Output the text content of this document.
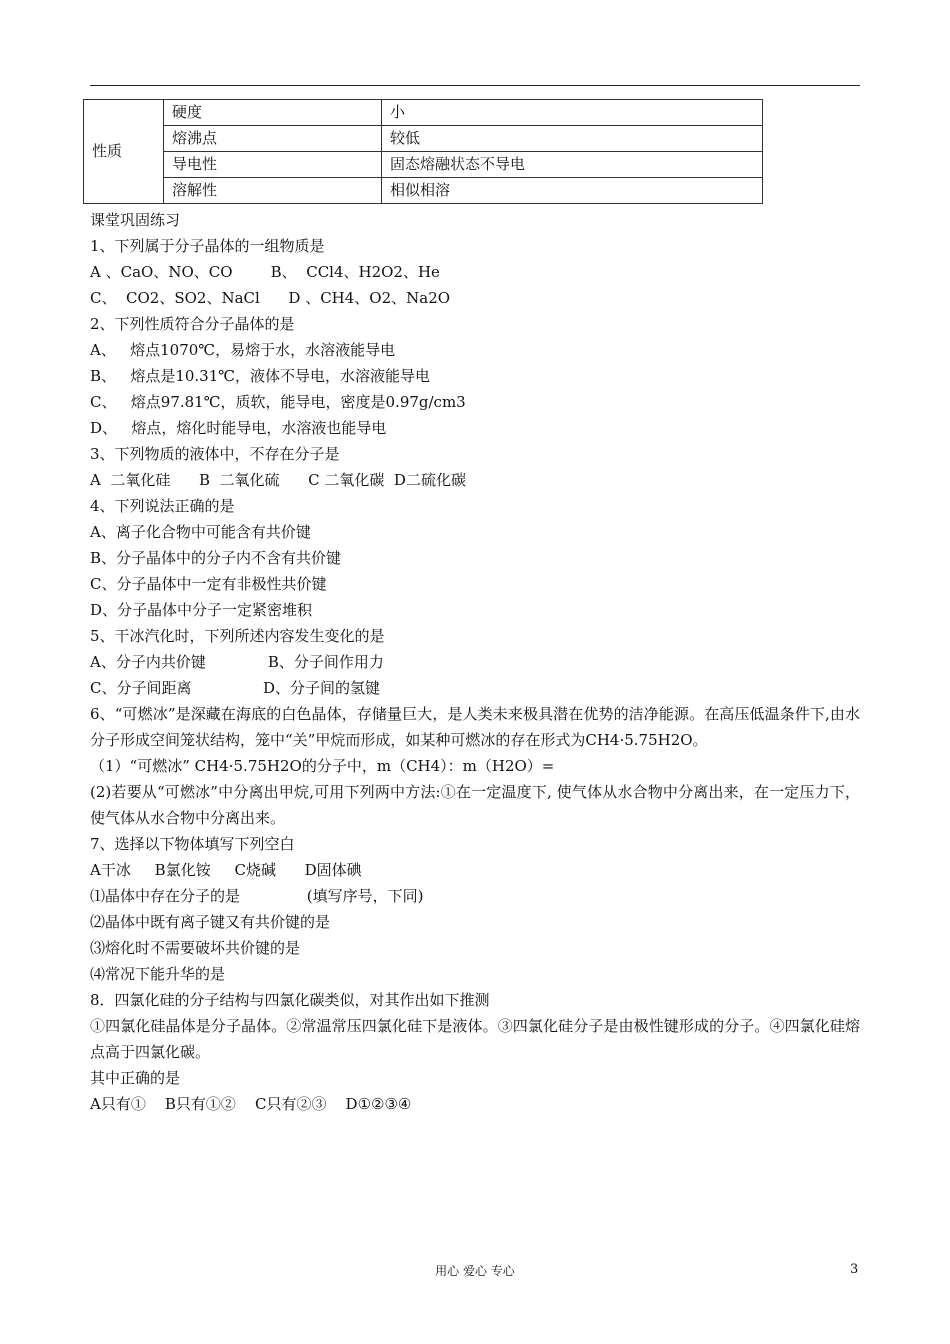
性质	硬度	小
	熔沸点	较低
	导电性	固态熔融状态不导电
	溶解性	相似相溶
课堂巩固练习
1、下列属于分子晶体的一组物质是
A 、CaO、NO、CO        B、  CCl4、H2O2、He
C、  CO2、SO2、NaCl      D 、CH4、O2、Na2O
2、下列性质符合分子晶体的是
A、   熔点1070℃，易熔于水，水溶液能导电
B、   熔点是10.31℃，液体不导电，水溶液能导电
C、   熔点97.81℃，质软，能导电，密度是0.97g/cm3
D、   熔点，熔化时能导电，水溶液也能导电
3、下列物质的液体中，不存在分子是
A  二氧化硅      B  二氧化硫      C 二氧化碳  D二硫化碳
4、下列说法正确的是
A、离子化合物中可能含有共价键
B、分子晶体中的分子内不含有共价键
C、分子晶体中一定有非极性共价键
D、分子晶体中分子一定紧密堆积
5、干冰汽化时，下列所述内容发生变化的是
A、分子内共价键             B、分子间作用力
C、分子间距离               D、分子间的氢键
6、“可燃冰”是深藏在海底的白色晶体，存储量巨大，是人类未来极具潜在优势的洁净能源。在高压低温条件下,由水分子形成空间笼状结构，笼中“关”甲烷而形成，如某种可燃冰的存在形式为CH4·5.75H2O。
（1）“可燃冰” CH4·5.75H2O的分子中，m（CH4）：m（H2O）=
(2)若要从“可燃冰”中分离出甲烷,可用下列两中方法:①在一定温度下, 使气体从水合物中分离出来，在一定压力下， 使气体从水合物中分离出来。
7、选择以下物体填写下列空白
A干冰     B氯化铵     C烧碱      D固体碘
⑴晶体中存在分子的是              (填写序号，下同)
⑵晶体中既有离子键又有共价键的是
⑶熔化时不需要破坏共价键的是
⑷常况下能升华的是
8．四氯化硅的分子结构与四氯化碳类似，对其作出如下推测
①四氯化硅晶体是分子晶体。②常温常压四氯化硅下是液体。③四氯化硅分子是由极性键形成的分子。④四氯化硅熔点高于四氯化碳。
其中正确的是
A只有①    B只有①②    C只有②③    D①②③④
用心 爱心 专心	3
